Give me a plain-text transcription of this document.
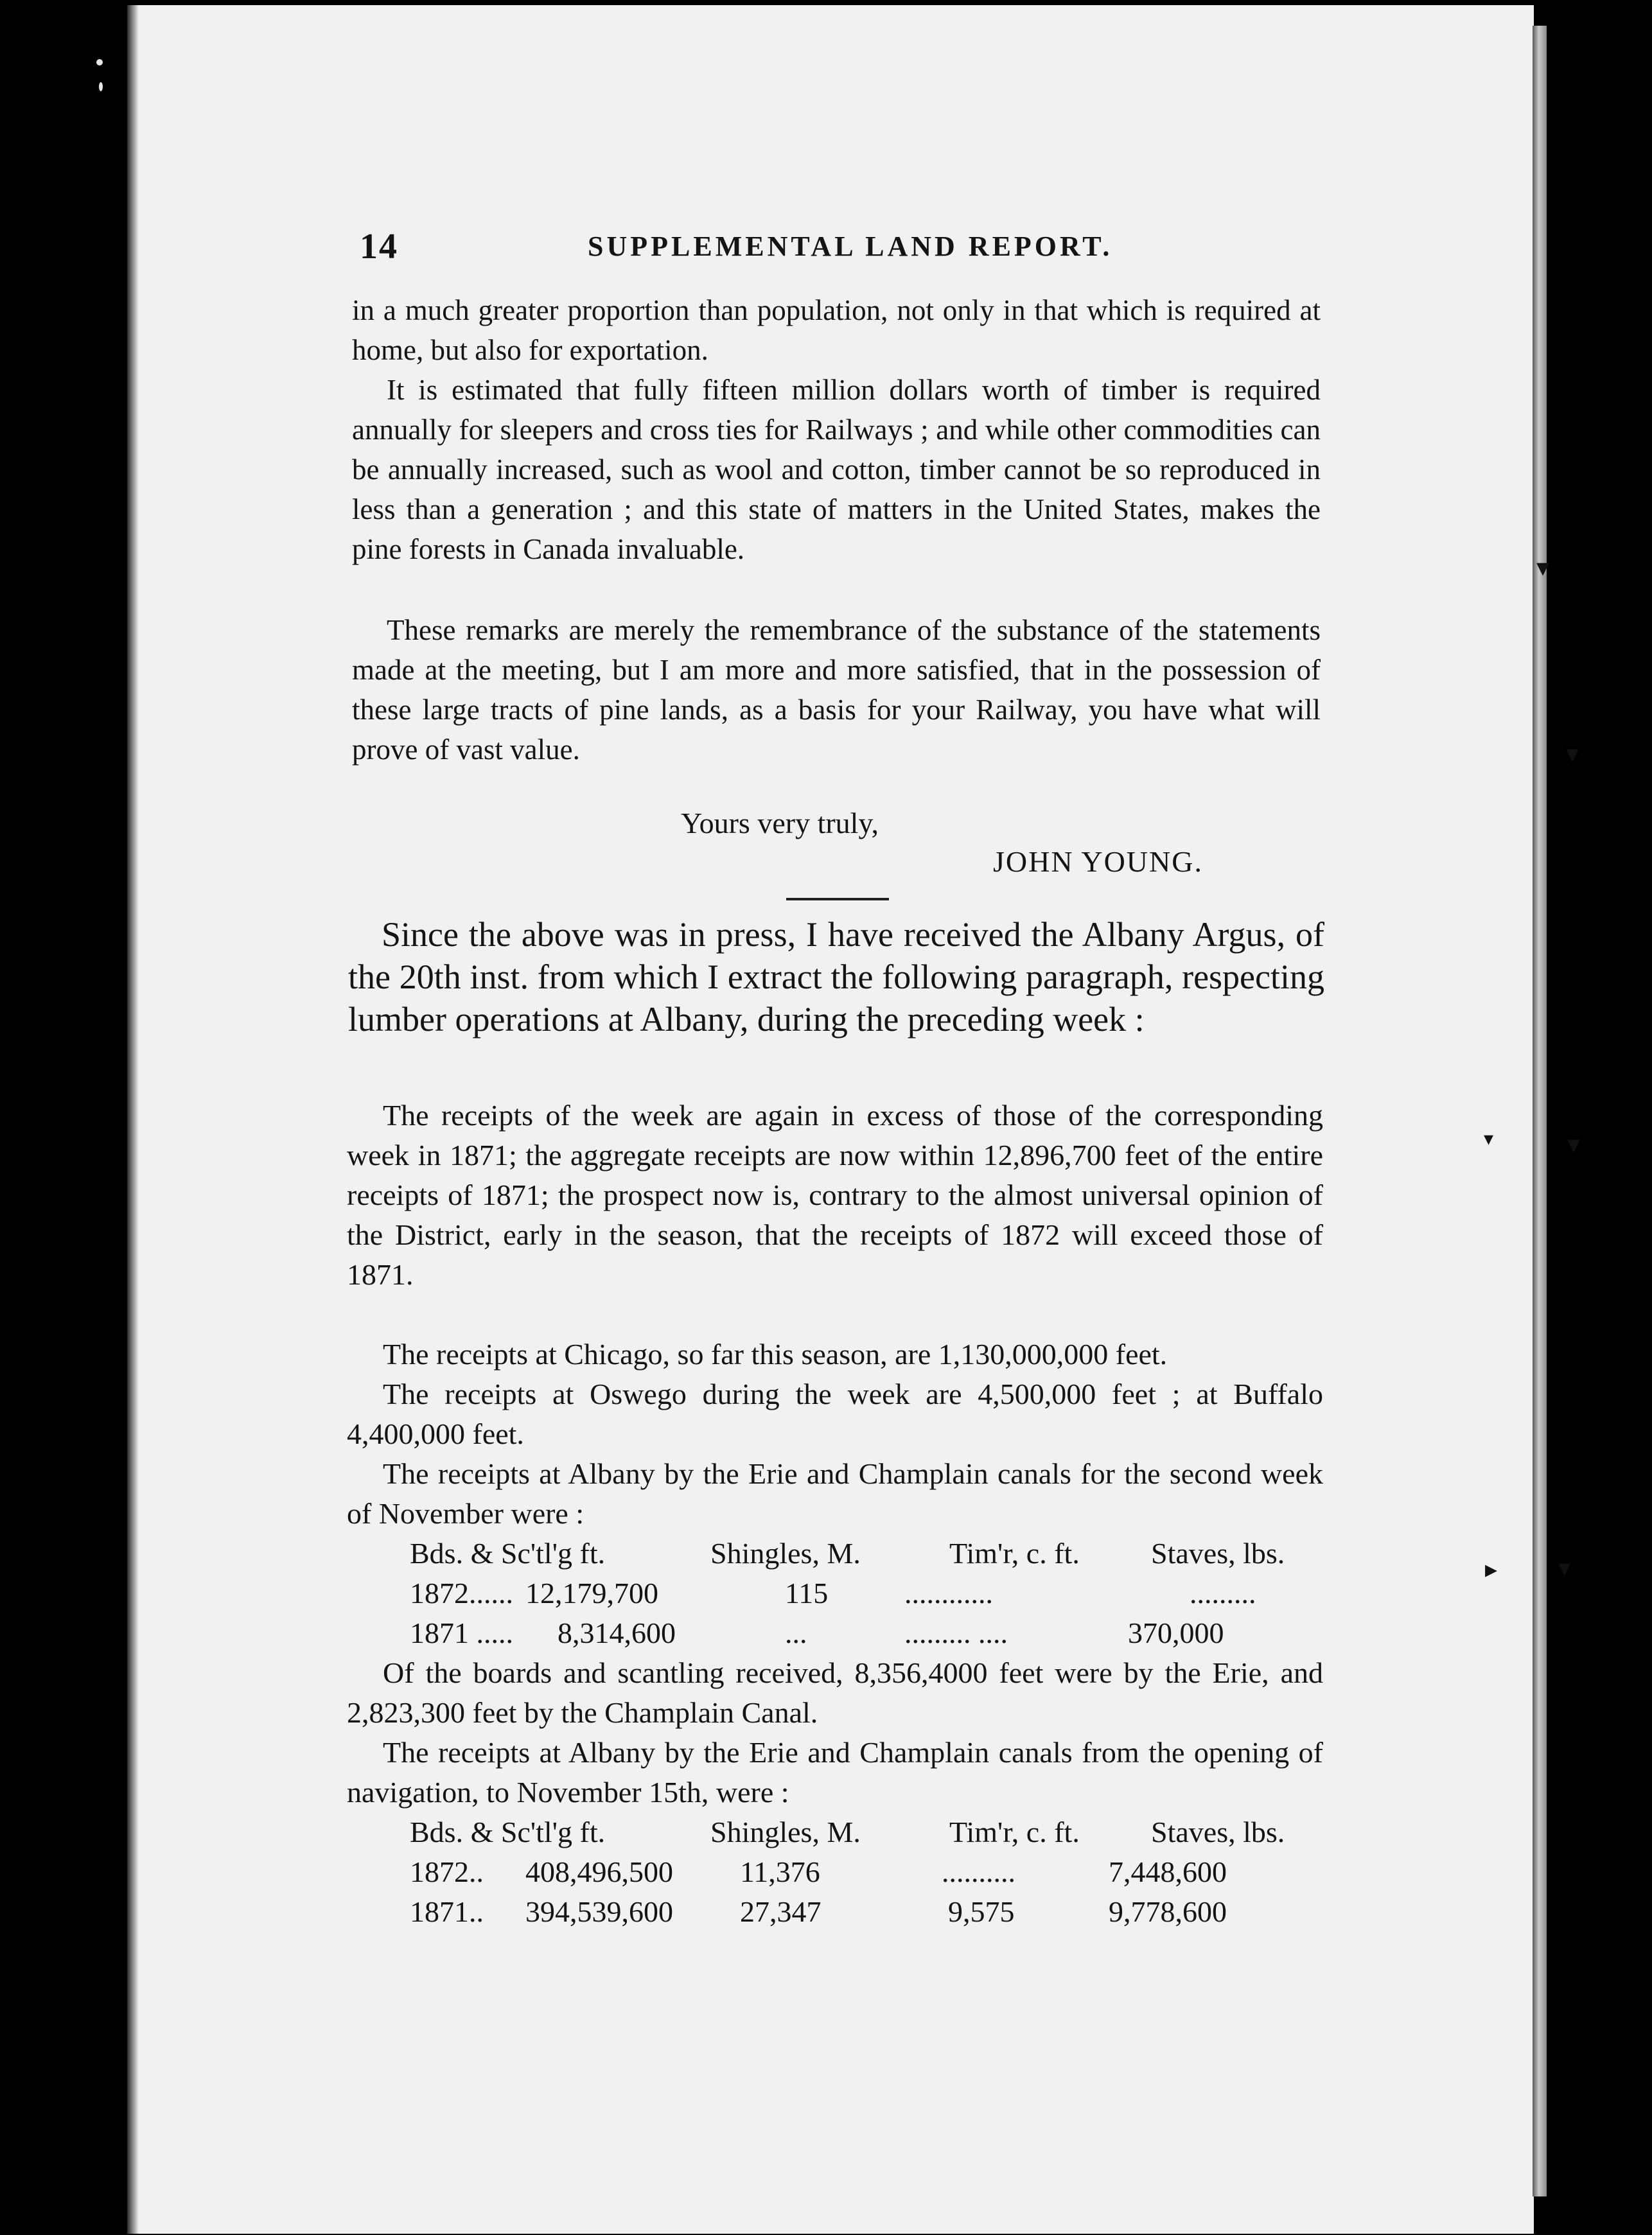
▾
▾
▾
▾
▸ ▾
14	SUPPLEMENTAL LAND REPORT.

in a much greater proportion than population, not only in that which is required at home, but also for exportation.

It is estimated that fully fifteen million dollars worth of timber is required annually for sleepers and cross ties for Railways ; and while other commodities can be annually increased, such as wool and cotton, timber cannot be so reproduced in less than a generation ; and this state of matters in the United States, makes the pine forests in Canada invaluable.

These remarks are merely the remembrance of the substance of the statements made at the meeting, but I am more and more satisfied, that in the possession of these large tracts of pine lands, as a basis for your Railway, you have what will prove of vast value.

Yours very truly,
JOHN YOUNG.

Since the above was in press, I have received the Albany Argus, of the 20th inst. from which I extract the following paragraph, respecting lumber operations at Albany, during the preceding week :

The receipts of the week are again in excess of those of the corresponding week in 1871; the aggregate receipts are now within 12,896,700 feet of the entire receipts of 1871; the prospect now is, contrary to the almost universal opinion of the District, early in the season, that the receipts of 1872 will exceed those of 1871.

The receipts at Chicago, so far this season, are 1,130,000,000 feet.

The receipts at Oswego during the week are 4,500,000 feet ; at Buffalo 4,400,000 feet.

The receipts at Albany by the Erie and Champlain canals for the second week of November were :

Bds. & Sc'tl'g ft.	Shingles, M.	Tim'r, c. ft. Staves, lbs.
1872...... 12,179,700	115	............	.........
1871 ..... 8,314,600	...	......... ....	370,000

Of the boards and scantling received, 8,356,4000 feet were by the Erie, and 2,823,300 feet by the Champlain Canal.

The receipts at Albany by the Erie and Champlain canals from the opening of navigation, to November 15th, were :

Bds. & Sc'tl'g ft.	Shingles, M.	Tim'r, c. ft. Staves, lbs.
1872.. 408,496,500 11,376	..........	7,448,600
1871.. 394,539,600 27,347	9,575	9,778,600
